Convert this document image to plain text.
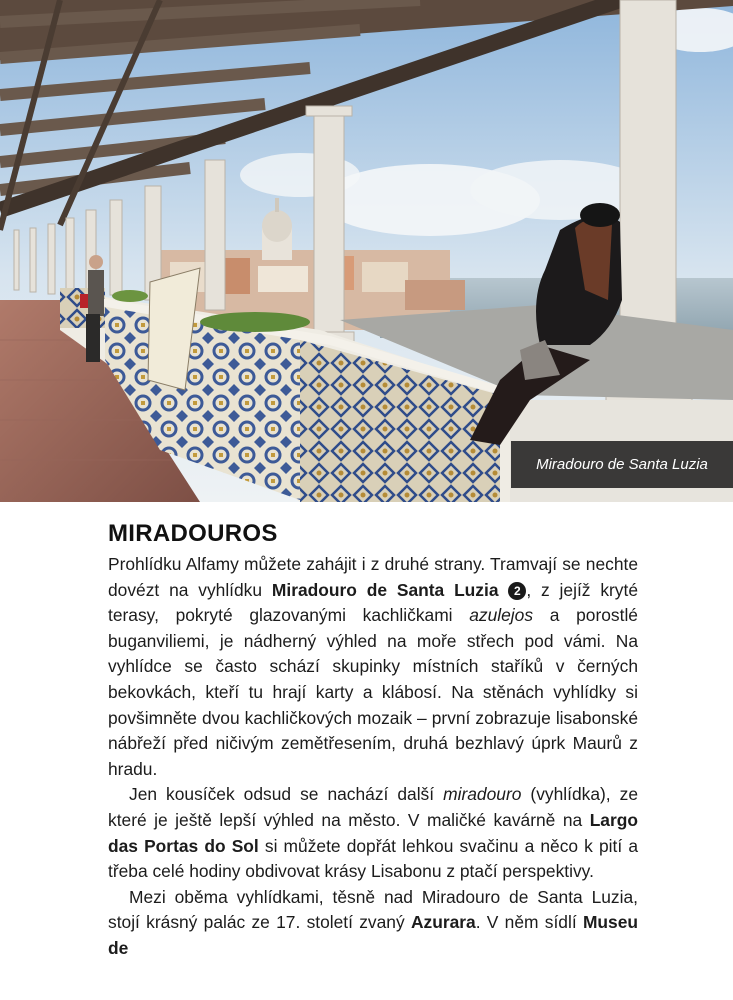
Miradouro de Santa Luzia
MIRADOUROS

Prohlídku Alfamy můžete zahájit i z druhé strany. Tramvají se nechte dovézt na vyhlídku Miradouro de Santa Luzia 2 , z jejíž kryté terasy, pokryté glazovanými kachličkami azulejos a porostlé buganviliemi, je nádherný výhled na moře střech pod vámi. Na vyhlídce se často schází skupinky místních staříků v černých bekovkách, kteří tu hrají karty a klábosí. Na stěnách vyhlídky si povšimněte dvou kachličkových mozaik – první zobrazuje lisabonské nábřeží před ničivým zemětřesením, druhá bezhlavý úprk Maurů z hradu.

Jen kousíček odsud se nachází další miradouro (vyhlídka), ze které je ještě lepší výhled na město. V maličké kavárně na Largo das Portas do Sol si můžete dopřát lehkou svačinu a něco k pití a třeba celé hodiny obdivovat krásy Lisabonu z ptačí perspektivy.

Mezi oběma vyhlídkami, těsně nad Miradouro de Santa Luzia, stojí krásný palác ze 17. století zvaný Azurara. V něm sídlí Museu de
